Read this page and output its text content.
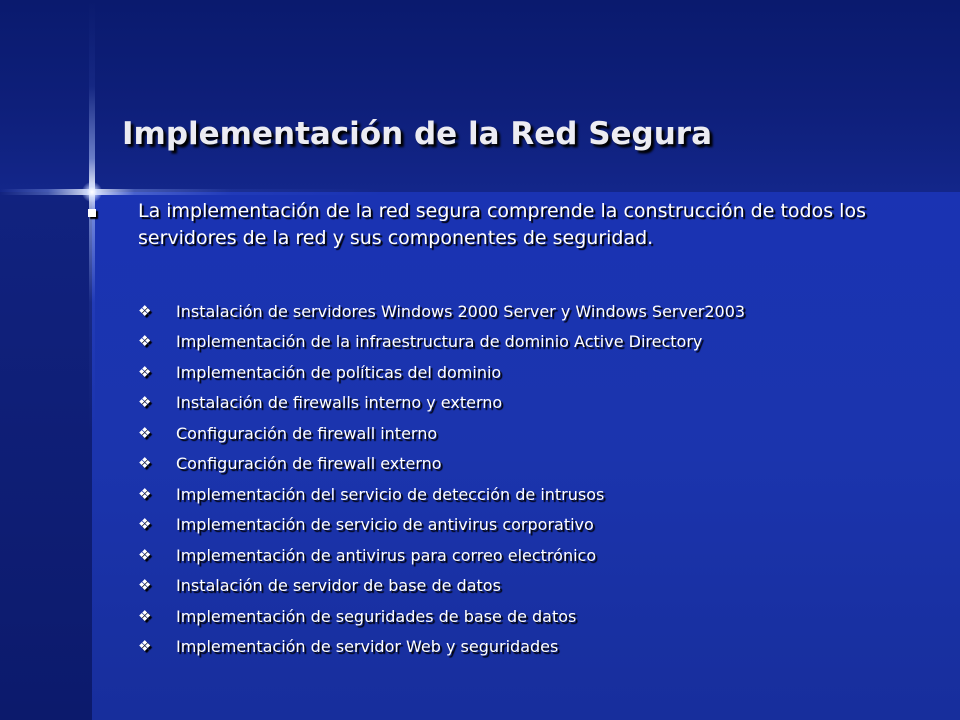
Implementación de la Red Segura

La implementación de la red segura comprende la construcción de todos los servidores de la red y sus componentes de seguridad.

❖	Instalación de servidores Windows 2000 Server y Windows Server2003
❖	Implementación de la infraestructura de dominio Active Directory
❖	Implementación de políticas del dominio
❖	Instalación de firewalls interno y externo
❖	Configuración de firewall interno
❖	Configuración de firewall externo
❖	Implementación del servicio de detección de intrusos
❖	Implementación de servicio de antivirus corporativo
❖	Implementación de antivirus para correo electrónico
❖	Instalación de servidor de base de datos
❖	Implementación de seguridades de base de datos
❖	Implementación de servidor Web y seguridades
